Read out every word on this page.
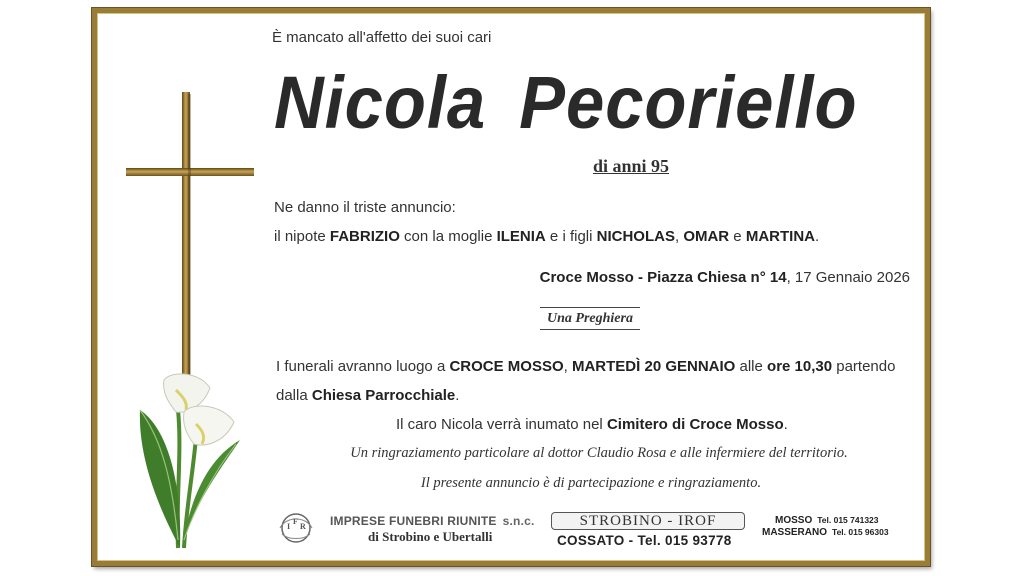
È mancato all'affetto dei suoi cari
Nicola Pecoriello
di anni 95
Ne danno il triste annuncio:
il nipote FABRIZIO con la moglie ILENIA e i figli NICHOLAS, OMAR e MARTINA.
Croce Mosso - Piazza Chiesa n° 14, 17 Gennaio 2026
Una Preghiera
I funerali avranno luogo a CROCE MOSSO, MARTEDÌ 20 GENNAIO alle ore 10,30 partendo
dalla Chiesa Parrocchiale.
Il caro Nicola verrà inumato nel Cimitero di Croce Mosso.
Un ringraziamento particolare al dottor Claudio Rosa e alle infermiere del territorio.
Il presente annuncio è di partecipazione e ringraziamento.
I
F
R IMPRESE FUNEBRI RIUNITE s.n.c.
di Strobino e Ubertalli
STROBINO - IROF
COSSATO - Tel. 015 93778
MOSSO Tel. 015 741323
MASSERANO Tel. 015 96303
